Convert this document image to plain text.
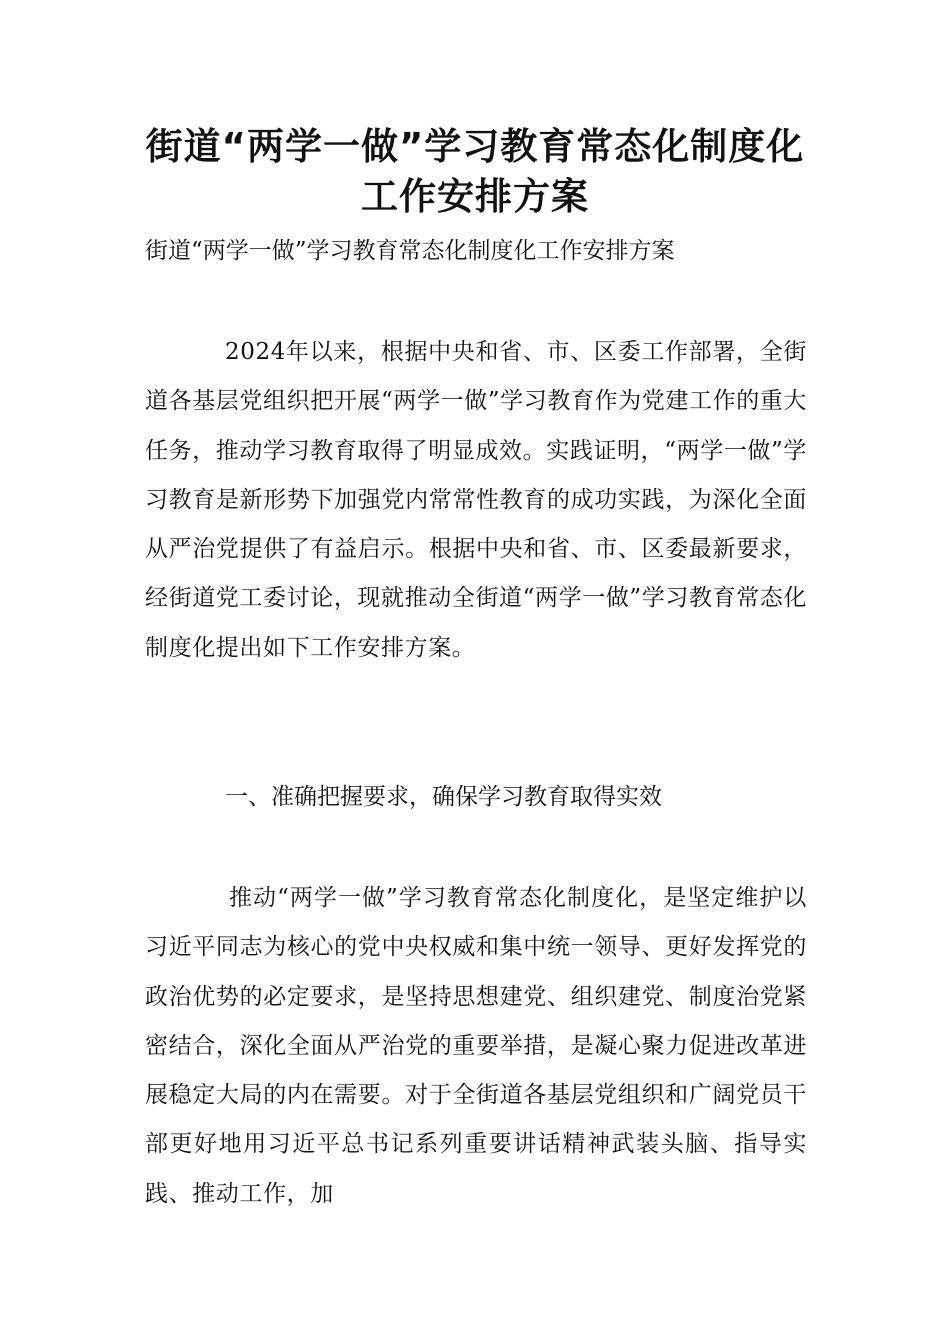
街道“两学一做”学习教育常态化制度化工作安排方案

街道“两学一做”学习教育常态化制度化工作安排方案

2024年以来，根据中央和省、市、区委工作部署，全街道各基层党组织把开展“两学一做”学习教育作为党建工作的重大任务，推动学习教育取得了明显成效。实践证明，“两学一做”学习教育是新形势下加强党内常常性教育的成功实践，为深化全面从严治党提供了有益启示。根据中央和省、市、区委最新要求，经街道党工委讨论，现就推动全街道“两学一做”学习教育常态化制度化提出如下工作安排方案。

一、准确把握要求，确保学习教育取得实效

推动“两学一做”学习教育常态化制度化，是坚定维护以习近平同志为核心的党中央权威和集中统一领导、更好发挥党的政治优势的必定要求，是坚持思想建党、组织建党、制度治党紧密结合，深化全面从严治党的重要举措，是凝心聚力促进改革进展稳定大局的内在需要。对于全街道各基层党组织和广阔党员干部更好地用习近平总书记系列重要讲话精神武装头脑、指导实践、推动工作，加
